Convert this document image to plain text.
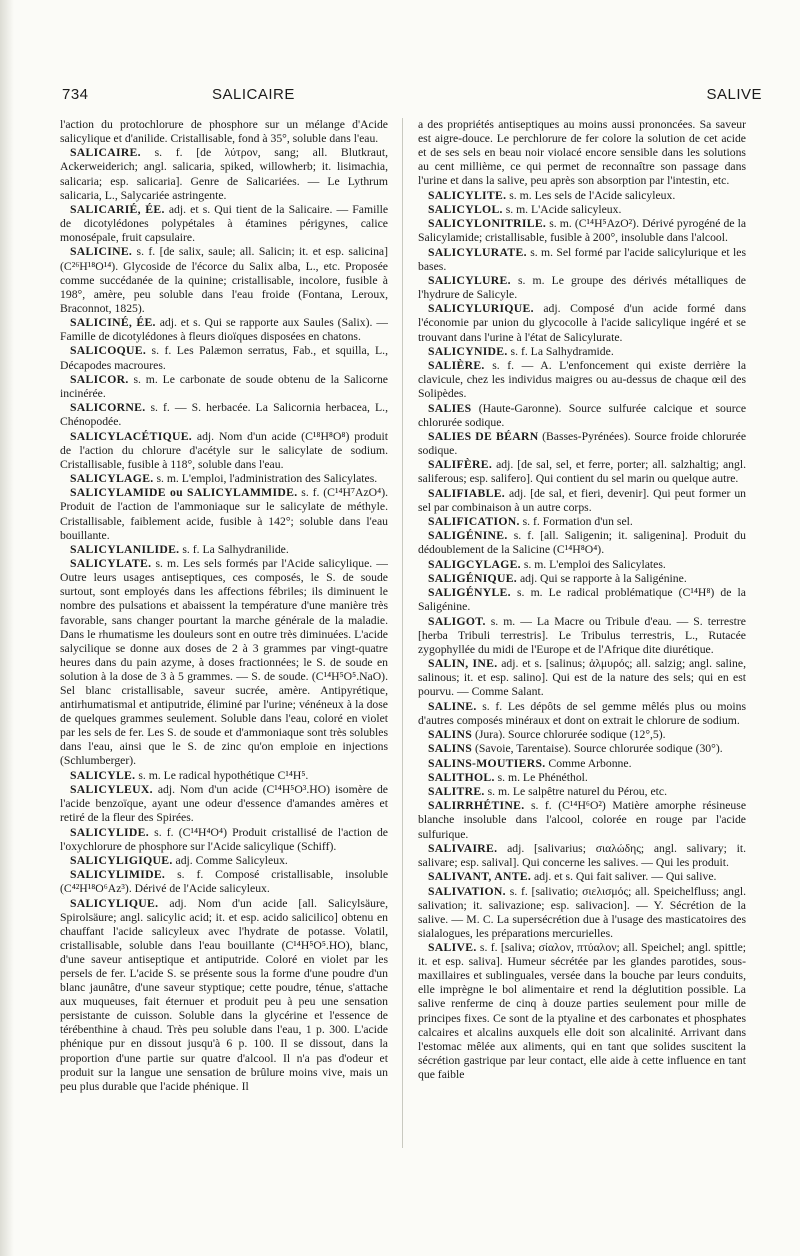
734	SALICAIRE	SALIVE

l'action du protochlorure de phosphore sur un mélange d'Acide salicylique et d'anilide. Cristallisable, fond à 35°, soluble dans l'eau.

SALICAIRE. s. f. [de λύτρον, sang; all. Blutkraut, Ackerweiderich; angl. salicaria, spiked, willowherb; it. lisimachia, salicaria; esp. salicaria]. Genre de Salicariées. — Le Lythrum salicaria, L., Salycariée astringente.

SALICARIÉ, ÉE. adj. et s. Qui tient de la Salicaire. — Famille de dicotylédones polypétales à étamines périgynes, calice monosépale, fruit capsulaire.

SALICINE. s. f. [de salix, saule; all. Salicin; it. et esp. salicina] (C²⁶H¹⁸O¹⁴). Glycoside de l'écorce du Salix alba, L., etc. Proposée comme succédanée de la quinine; cristallisable, incolore, fusible à 198°, amère, peu soluble dans l'eau froide (Fontana, Leroux, Braconnot, 1825).

SALICINÉ, ÉE. adj. et s. Qui se rapporte aux Saules (Salix). — Famille de dicotylédones à fleurs dioïques disposées en chatons.

SALICOQUE. s. f. Les Palæmon serratus, Fab., et squilla, L., Décapodes macroures.

SALICOR. s. m. Le carbonate de soude obtenu de la Salicorne incinérée.

SALICORNE. s. f. — S. herbacée. La Salicornia herbacea, L., Chénopodée.

SALICYLACÉTIQUE. adj. Nom d'un acide (C¹⁸H⁸O⁸) produit de l'action du chlorure d'acétyle sur le salicylate de sodium. Cristallisable, fusible à 118°, soluble dans l'eau.

SALICYLAGE. s. m. L'emploi, l'administration des Salicylates.

SALICYLAMIDE ou SALICYLAMMIDE. s. f. (C¹⁴H⁷AzO⁴). Produit de l'action de l'ammoniaque sur le salicylate de méthyle. Cristallisable, faiblement acide, fusible à 142°; soluble dans l'eau bouillante.

SALICYLANILIDE. s. f. La Salhydranilide.

SALICYLATE. s. m. Les sels formés par l'Acide salicylique. — Outre leurs usages antiseptiques, ces composés, le S. de soude surtout, sont employés dans les affections fébriles; ils diminuent le nombre des pulsations et abaissent la température d'une manière très favorable, sans changer pourtant la marche générale de la maladie. Dans le rhumatisme les douleurs sont en outre très diminuées. L'acide salycilique se donne aux doses de 2 à 3 grammes par vingt-quatre heures dans du pain azyme, à doses fractionnées; le S. de soude en solution à la dose de 3 à 5 grammes. — S. de soude. (C¹⁴H⁵O⁵.NaO). Sel blanc cristallisable, saveur sucrée, amère. Antipyrétique, antirhumatismal et antiputride, éliminé par l'urine; vénéneux à la dose de quelques grammes seulement. Soluble dans l'eau, coloré en violet par les sels de fer. Les S. de soude et d'ammoniaque sont très solubles dans l'eau, ainsi que le S. de zinc qu'on emploie en injections (Schlumberger).

SALICYLE. s. m. Le radical hypothétique C¹⁴H⁵.

SALICYLEUX. adj. Nom d'un acide (C¹⁴H⁵O³.HO) isomère de l'acide benzoïque, ayant une odeur d'essence d'amandes amères et retiré de la fleur des Spirées.

SALICYLIDE. s. f. (C¹⁴H⁴O⁴) Produit cristallisé de l'action de l'oxychlorure de phosphore sur l'Acide salicylique (Schiff).

SALICYLIGIQUE. adj. Comme Salicyleux.

SALICYLIMIDE. s. f. Composé cristallisable, insoluble (C⁴²H¹⁸O⁶Az³). Dérivé de l'Acide salicyleux.

SALICYLIQUE. adj. Nom d'un acide [all. Salicylsäure, Spirolsäure; angl. salicylic acid; it. et esp. acido salicilico] obtenu en chauffant l'acide salicyleux avec l'hydrate de potasse. Volatil, cristallisable, soluble dans l'eau bouillante (C¹⁴H⁵O⁵.HO), blanc, d'une saveur antiseptique et antiputride. Coloré en violet par les persels de fer. L'acide S. se présente sous la forme d'une poudre d'un blanc jaunâtre, d'une saveur styptique; cette poudre, ténue, s'attache aux muqueuses, fait éternuer et produit peu à peu une sensation persistante de cuisson. Soluble dans la glycérine et l'essence de térébenthine à chaud. Très peu soluble dans l'eau, 1 p. 300. L'acide phénique pur en dissout jusqu'à 6 p. 100. Il se dissout, dans la proportion d'une partie sur quatre d'alcool. Il n'a pas d'odeur et produit sur la langue une sensation de brûlure moins vive, mais un peu plus durable que l'acide phénique. Il

a des propriétés antiseptiques au moins aussi prononcées. Sa saveur est aigre-douce. Le perchlorure de fer colore la solution de cet acide et de ses sels en beau noir violacé encore sensible dans les solutions au cent millième, ce qui permet de reconnaître son passage dans l'urine et dans la salive, peu après son absorption par l'intestin, etc.

SALICYLITE. s. m. Les sels de l'Acide salicyleux.

SALICYLOL. s. m. L'Acide salicyleux.

SALICYLONITRILE. s. m. (C¹⁴H⁵AzO²). Dérivé pyrogéné de la Salicylamide; cristallisable, fusible à 200°, insoluble dans l'alcool.

SALICYLURATE. s. m. Sel formé par l'acide salicylurique et les bases.

SALICYLURE. s. m. Le groupe des dérivés métalliques de l'hydrure de Salicyle.

SALICYLURIQUE. adj. Composé d'un acide formé dans l'économie par union du glycocolle à l'acide salicylique ingéré et se trouvant dans l'urine à l'état de Salicylurate.

SALICYNIDE. s. f. La Salhydramide.

SALIÈRE. s. f. — A. L'enfoncement qui existe derrière la clavicule, chez les individus maigres ou au-dessus de chaque œil des Solipèdes.

SALIES (Haute-Garonne). Source sulfurée calcique et source chlorurée sodique.

SALIES DE BÉARN (Basses-Pyrénées). Source froide chlorurée sodique.

SALIFÈRE. adj. [de sal, sel, et ferre, porter; all. salzhaltig; angl. saliferous; esp. salifero]. Qui contient du sel marin ou quelque autre.

SALIFIABLE. adj. [de sal, et fieri, devenir]. Qui peut former un sel par combinaison à un autre corps.

SALIFICATION. s. f. Formation d'un sel.

SALIGÉNINE. s. f. [all. Saligenin; it. saligenina]. Produit du dédoublement de la Salicine (C¹⁴H⁸O⁴).

SALIGCYLAGE. s. m. L'emploi des Salicylates.

SALIGÉNIQUE. adj. Qui se rapporte à la Saligénine.

SALIGÉNYLE. s. m. Le radical problématique (C¹⁴H⁸) de la Saligénine.

SALIGOT. s. m. — La Macre ou Tribule d'eau. — S. terrestre [herba Tribuli terrestris]. Le Tribulus terrestris, L., Rutacée zygophyllée du midi de l'Europe et de l'Afrique dite diurétique.

SALIN, INE. adj. et s. [salinus; ἁλμυρός; all. salzig; angl. saline, salinous; it. et esp. salino]. Qui est de la nature des sels; qui en est pourvu. — Comme Salant.

SALINE. s. f. Les dépôts de sel gemme mêlés plus ou moins d'autres composés minéraux et dont on extrait le chlorure de sodium.

SALINS (Jura). Source chlorurée sodique (12°,5).

SALINS (Savoie, Tarentaise). Source chlorurée sodique (30°).

SALINS-MOUTIERS. Comme Arbonne.

SALITHOL. s. m. Le Phénéthol.

SALITRE. s. m. Le salpêtre naturel du Pérou, etc.

SALIRRHÉTINE. s. f. (C¹⁴H⁶O²) Matière amorphe résineuse blanche insoluble dans l'alcool, colorée en rouge par l'acide sulfurique.

SALIVAIRE. adj. [salivarius; σιαλώδης; angl. salivary; it. salivare; esp. salival]. Qui concerne les salives. — Qui les produit.

SALIVANT, ANTE. adj. et s. Qui fait saliver. — Qui salive.

SALIVATION. s. f. [salivatio; σιελισμός; all. Speichelfluss; angl. salivation; it. salivazione; esp. salivacion]. — Y. Sécrétion de la salive. — M. C. La supersécrétion due à l'usage des masticatoires des sialalogues, les préparations mercurielles.

SALIVE. s. f. [saliva; σίαλον, πτύαλον; all. Speichel; angl. spittle; it. et esp. saliva]. Humeur sécrétée par les glandes parotides, sous-maxillaires et sublinguales, versée dans la bouche par leurs conduits, elle imprègne le bol alimentaire et rend la déglutition possible. La salive renferme de cinq à douze parties seulement pour mille de principes fixes. Ce sont de la ptyaline et des carbonates et phosphates calcaires et alcalins auxquels elle doit son alcalinité. Arrivant dans l'estomac mêlée aux aliments, qui en tant que solides suscitent la sécrétion gastrique par leur contact, elle aide à cette influence en tant que faible
